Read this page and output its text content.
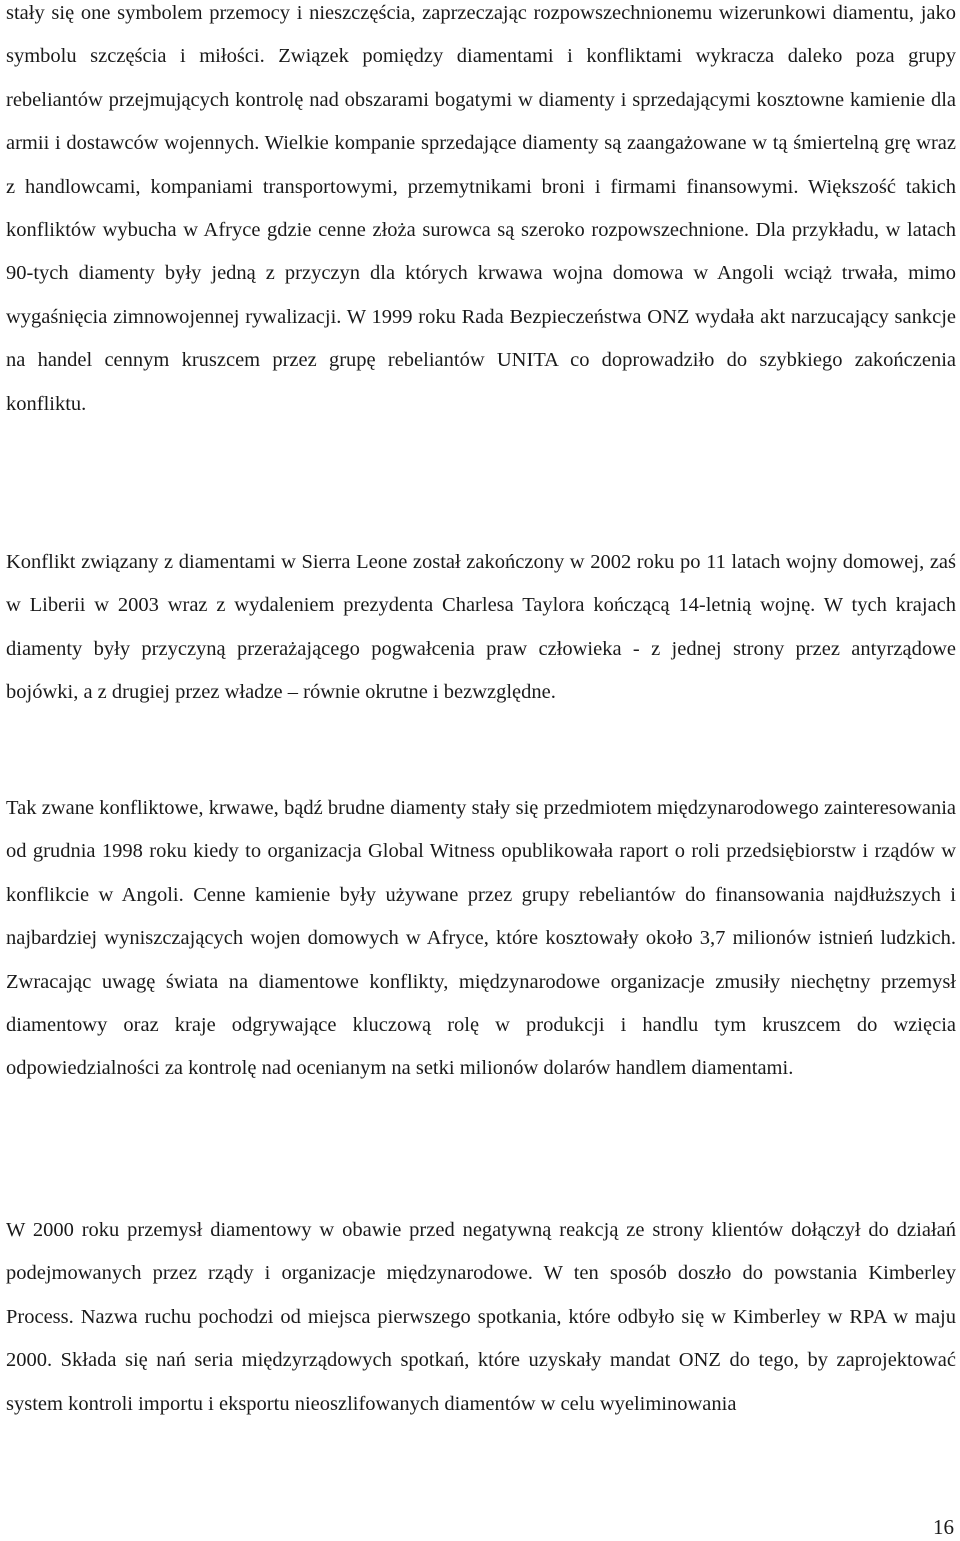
stały się one symbolem przemocy i nieszczęścia, zaprzeczając rozpowszechnionemu wizerunkowi diamentu, jako symbolu szczęścia i miłości. Związek pomiędzy diamentami i konfliktami wykracza daleko poza grupy rebeliantów przejmujących kontrolę nad obszarami bogatymi w diamenty i sprzedającymi kosztowne kamienie dla armii i dostawców wojennych. Wielkie kompanie sprzedające diamenty są zaangażowane w tą śmiertelną grę wraz z handlowcami, kompaniami transportowymi, przemytnikami broni i firmami finansowymi. Większość takich konfliktów wybucha w Afryce gdzie cenne złoża surowca są szeroko rozpowszechnione. Dla przykładu, w latach 90-tych diamenty były jedną z przyczyn dla których krwawa wojna domowa w Angoli wciąż trwała, mimo wygaśnięcia zimnowojennej rywalizacji. W 1999 roku Rada Bezpieczeństwa ONZ wydała akt narzucający sankcje na handel cennym kruszcem przez grupę rebeliantów UNITA co doprowadziło do szybkiego zakończenia konfliktu.

Konflikt związany z diamentami w Sierra Leone został zakończony w 2002 roku po 11 latach wojny domowej, zaś w Liberii w 2003 wraz z wydaleniem prezydenta Charlesa Taylora kończącą 14-letnią wojnę. W tych krajach diamenty były przyczyną przerażającego pogwałcenia praw człowieka - z jednej strony przez antyrządowe bojówki, a z drugiej przez władze – równie okrutne i bezwzględne.

Tak zwane konfliktowe, krwawe, bądź brudne diamenty stały się przedmiotem międzynarodowego zainteresowania od grudnia 1998 roku kiedy to organizacja Global Witness opublikowała raport o roli przedsiębiorstw i rządów w konflikcie w Angoli. Cenne kamienie były używane przez grupy rebeliantów do finansowania najdłuższych i najbardziej wyniszczających wojen domowych w Afryce, które kosztowały około 3,7 milionów istnień ludzkich. Zwracając uwagę świata na diamentowe konflikty, międzynarodowe organizacje zmusiły niechętny przemysł diamentowy oraz kraje odgrywające kluczową rolę w produkcji i handlu tym kruszcem do wzięcia odpowiedzialności za kontrolę nad ocenianym na setki milionów dolarów handlem diamentami.

W 2000 roku przemysł diamentowy w obawie przed negatywną reakcją ze strony klientów dołączył do działań podejmowanych przez rządy i organizacje międzynarodowe. W ten sposób doszło do powstania Kimberley Process. Nazwa ruchu pochodzi od miejsca pierwszego spotkania, które odbyło się w Kimberley w RPA w maju 2000. Składa się nań seria międzyrządowych spotkań, które uzyskały mandat ONZ do tego, by zaprojektować system kontroli importu i eksportu nieoszlifowanych diamentów w celu wyeliminowania

16
